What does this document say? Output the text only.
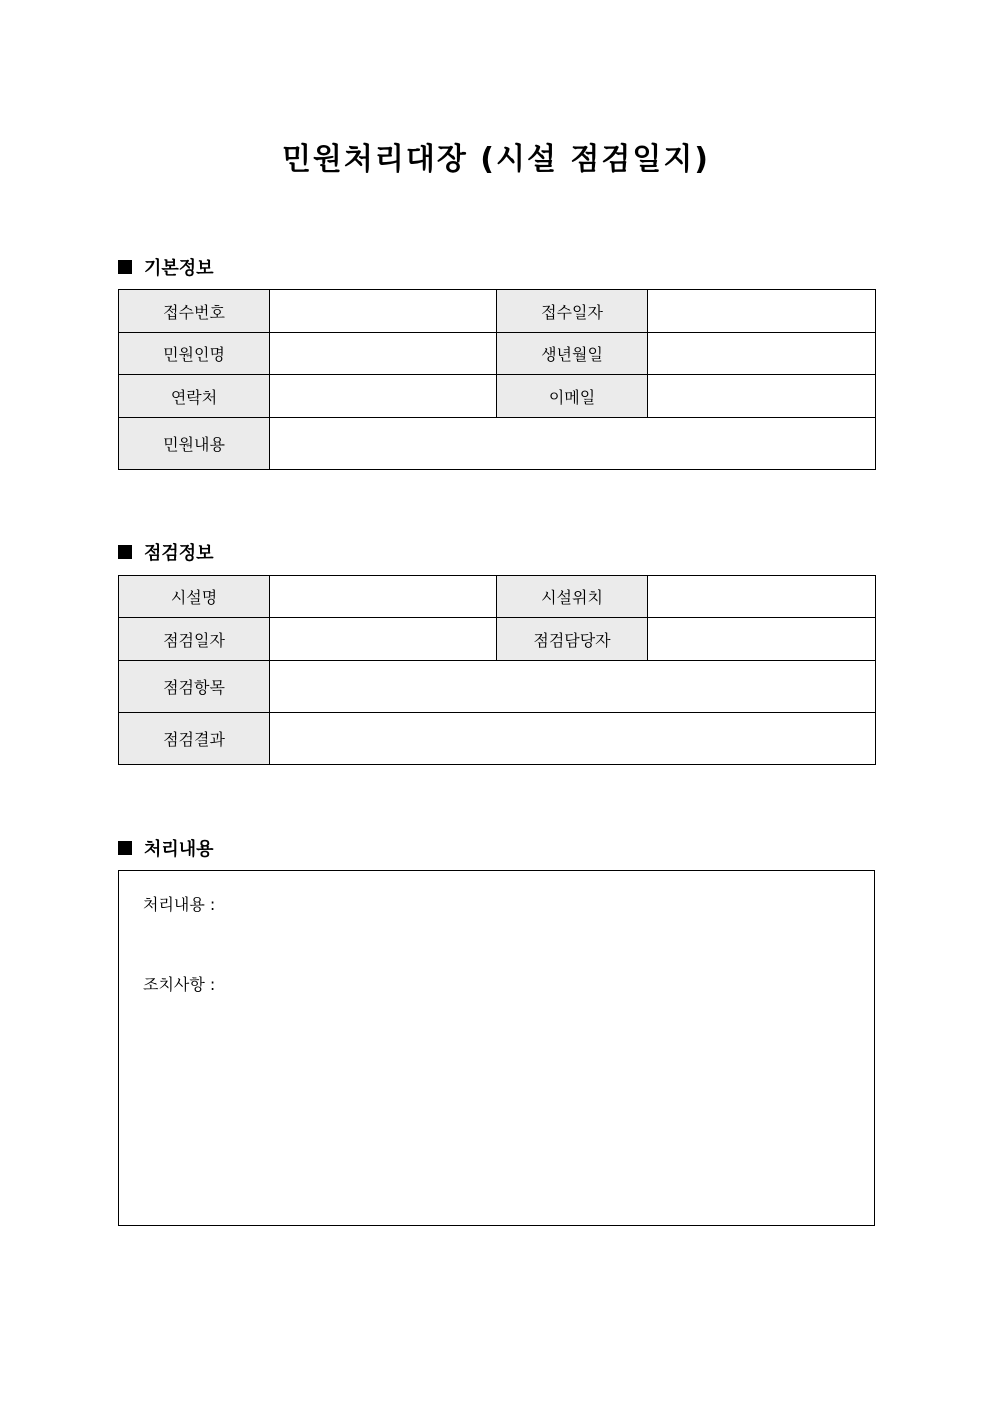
민원처리대장 (시설 점검일지)
기본정보
접수번호		접수일자	
민원인명		생년월일	
연락처		이메일	
민원내용			
점검정보
시설명		시설위치	
점검일자		점검담당자	
점검항목			
점검결과			
처리내용
처리내용 :
조치사항 :
